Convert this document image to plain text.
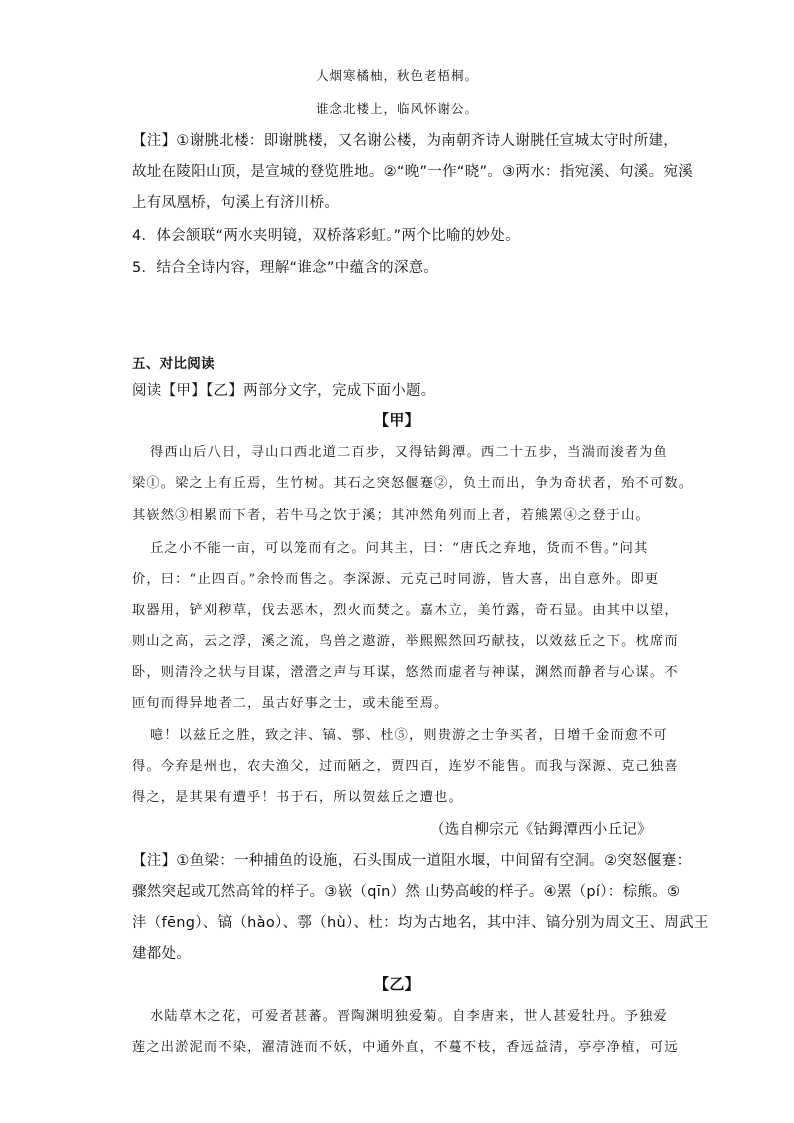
人烟寒橘柚，秋色老梧桐。
谁念北楼上，临风怀谢公。
【注】①谢朓北楼：即谢朓楼，又名谢公楼，为南朝齐诗人谢朓任宣城太守时所建，
故址在陵阳山顶，是宣城的登览胜地。②“晚”一作“晓”。③两水：指宛溪、句溪。宛溪
上有凤凰桥，句溪上有济川桥。
4．体会颔联“两水夹明镜，双桥落彩虹。”两个比喻的妙处。
5．结合全诗内容，理解“谁念”中蕴含的深意。
五、对比阅读
阅读【甲】【乙】两部分文字，完成下面小题。
【甲】
得西山后八日，寻山口西北道二百步，又得钴鉧潭。西二十五步，当湍而浚者为鱼
梁①。梁之上有丘焉，生竹树。其石之突怒偃蹇②，负土而出，争为奇状者，殆不可数。
其嵚然③相累而下者，若牛马之饮于溪；其冲然角列而上者，若熊罴④之登于山。
丘之小不能一亩，可以笼而有之。问其主，曰：“唐氏之弃地，货而不售。”问其
价，曰：“止四百。”余怜而售之。李深源、元克己时同游，皆大喜，出自意外。即更
取器用，铲刈秽草，伐去恶木，烈火而焚之。嘉木立，美竹露，奇石显。由其中以望，
则山之高，云之浮，溪之流，鸟兽之遨游，举熙熙然回巧献技，以效兹丘之下。枕席而
卧，则清泠之状与目谋，瀯瀯之声与耳谋，悠然而虚者与神谋，渊然而静者与心谋。不
匝旬而得异地者二，虽古好事之士，或未能至焉。
噫！以兹丘之胜，致之沣、镐、鄠、杜⑤，则贵游之士争买者，日增千金而愈不可
得。今弃是州也，农夫渔父，过而陋之，贾四百，连岁不能售。而我与深源、克己独喜
得之，是其果有遭乎！书于石，所以贺兹丘之遭也。
（选自柳宗元《钴鉧潭西小丘记》
【注】①鱼梁：一种捕鱼的设施，石头围成一道阻水堰，中间留有空洞。②突怒偃蹇：
骤然突起或兀然高耸的样子。③嵚（qīn）然 山势高峻的样子。④罴（pí）：棕熊。⑤
沣（fēng）、镐（hào）、鄠（hù）、杜：均为古地名，其中沣、镐分别为周文王、周武王
建都处。
【乙】
水陆草木之花，可爱者甚蕃。晋陶渊明独爱菊。自李唐来，世人甚爱牡丹。予独爱
莲之出淤泥而不染，濯清涟而不妖，中通外直，不蔓不枝，香远益清，亭亭净植，可远
